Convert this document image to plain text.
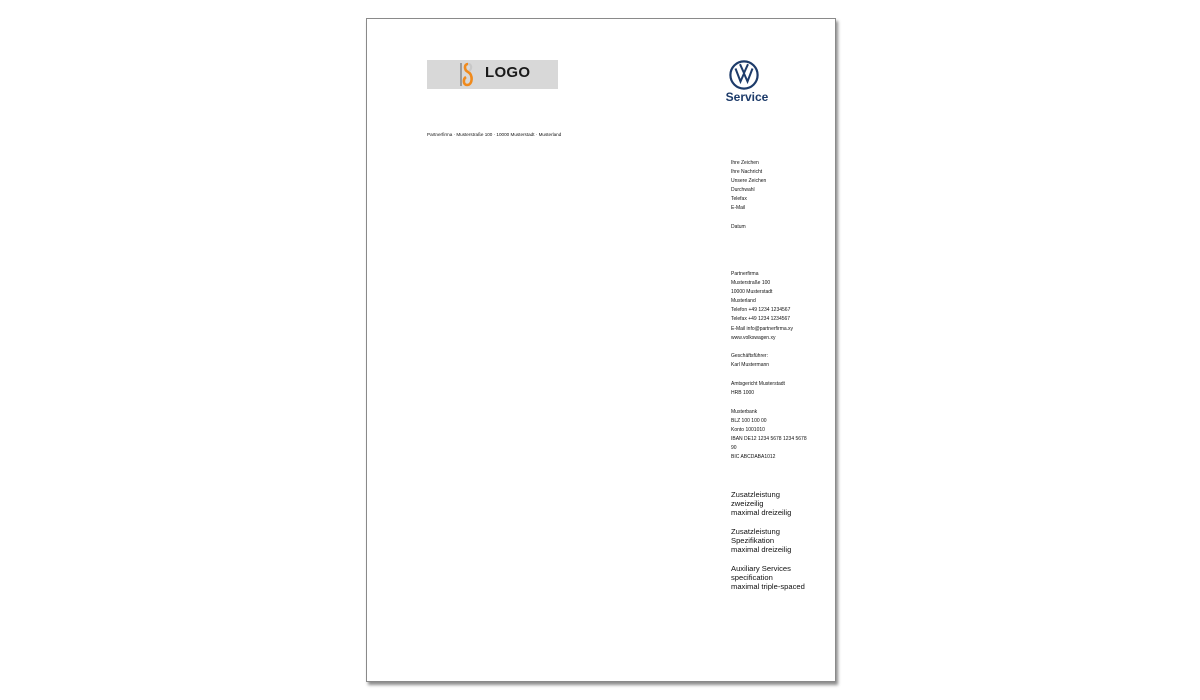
LOGO
Service
Partnerfirma · Musterstraße 100 · 10000 Musterstadt · Musterland
Ihre Zeichen
Ihre Nachricht
Unsere Zeichen
Durchwahl
Telefax
E-Mail
Datum
Partnerfirma
Musterstraße 100
10000 Musterstadt
Musterland
Telefon +49 1234 1234567
Telefax +49 1234 1234567
E-Mail info@partnerfirma.xy
www.volkswagen.xy
Geschäftsführer:
Karl Mustermann
Amtsgericht Musterstadt
HRB 1000
Musterbank
BLZ 100 100 00
Konto 1001010
IBAN DE12 1234 5678 1234 5678
90
BIC ABCDABA1012
Zusatzleistung
zweizeilig
maximal dreizeilig
Zusatzleistung
Spezifikation
maximal dreizeilig
Auxiliary Services
specification
maximal triple-spaced
